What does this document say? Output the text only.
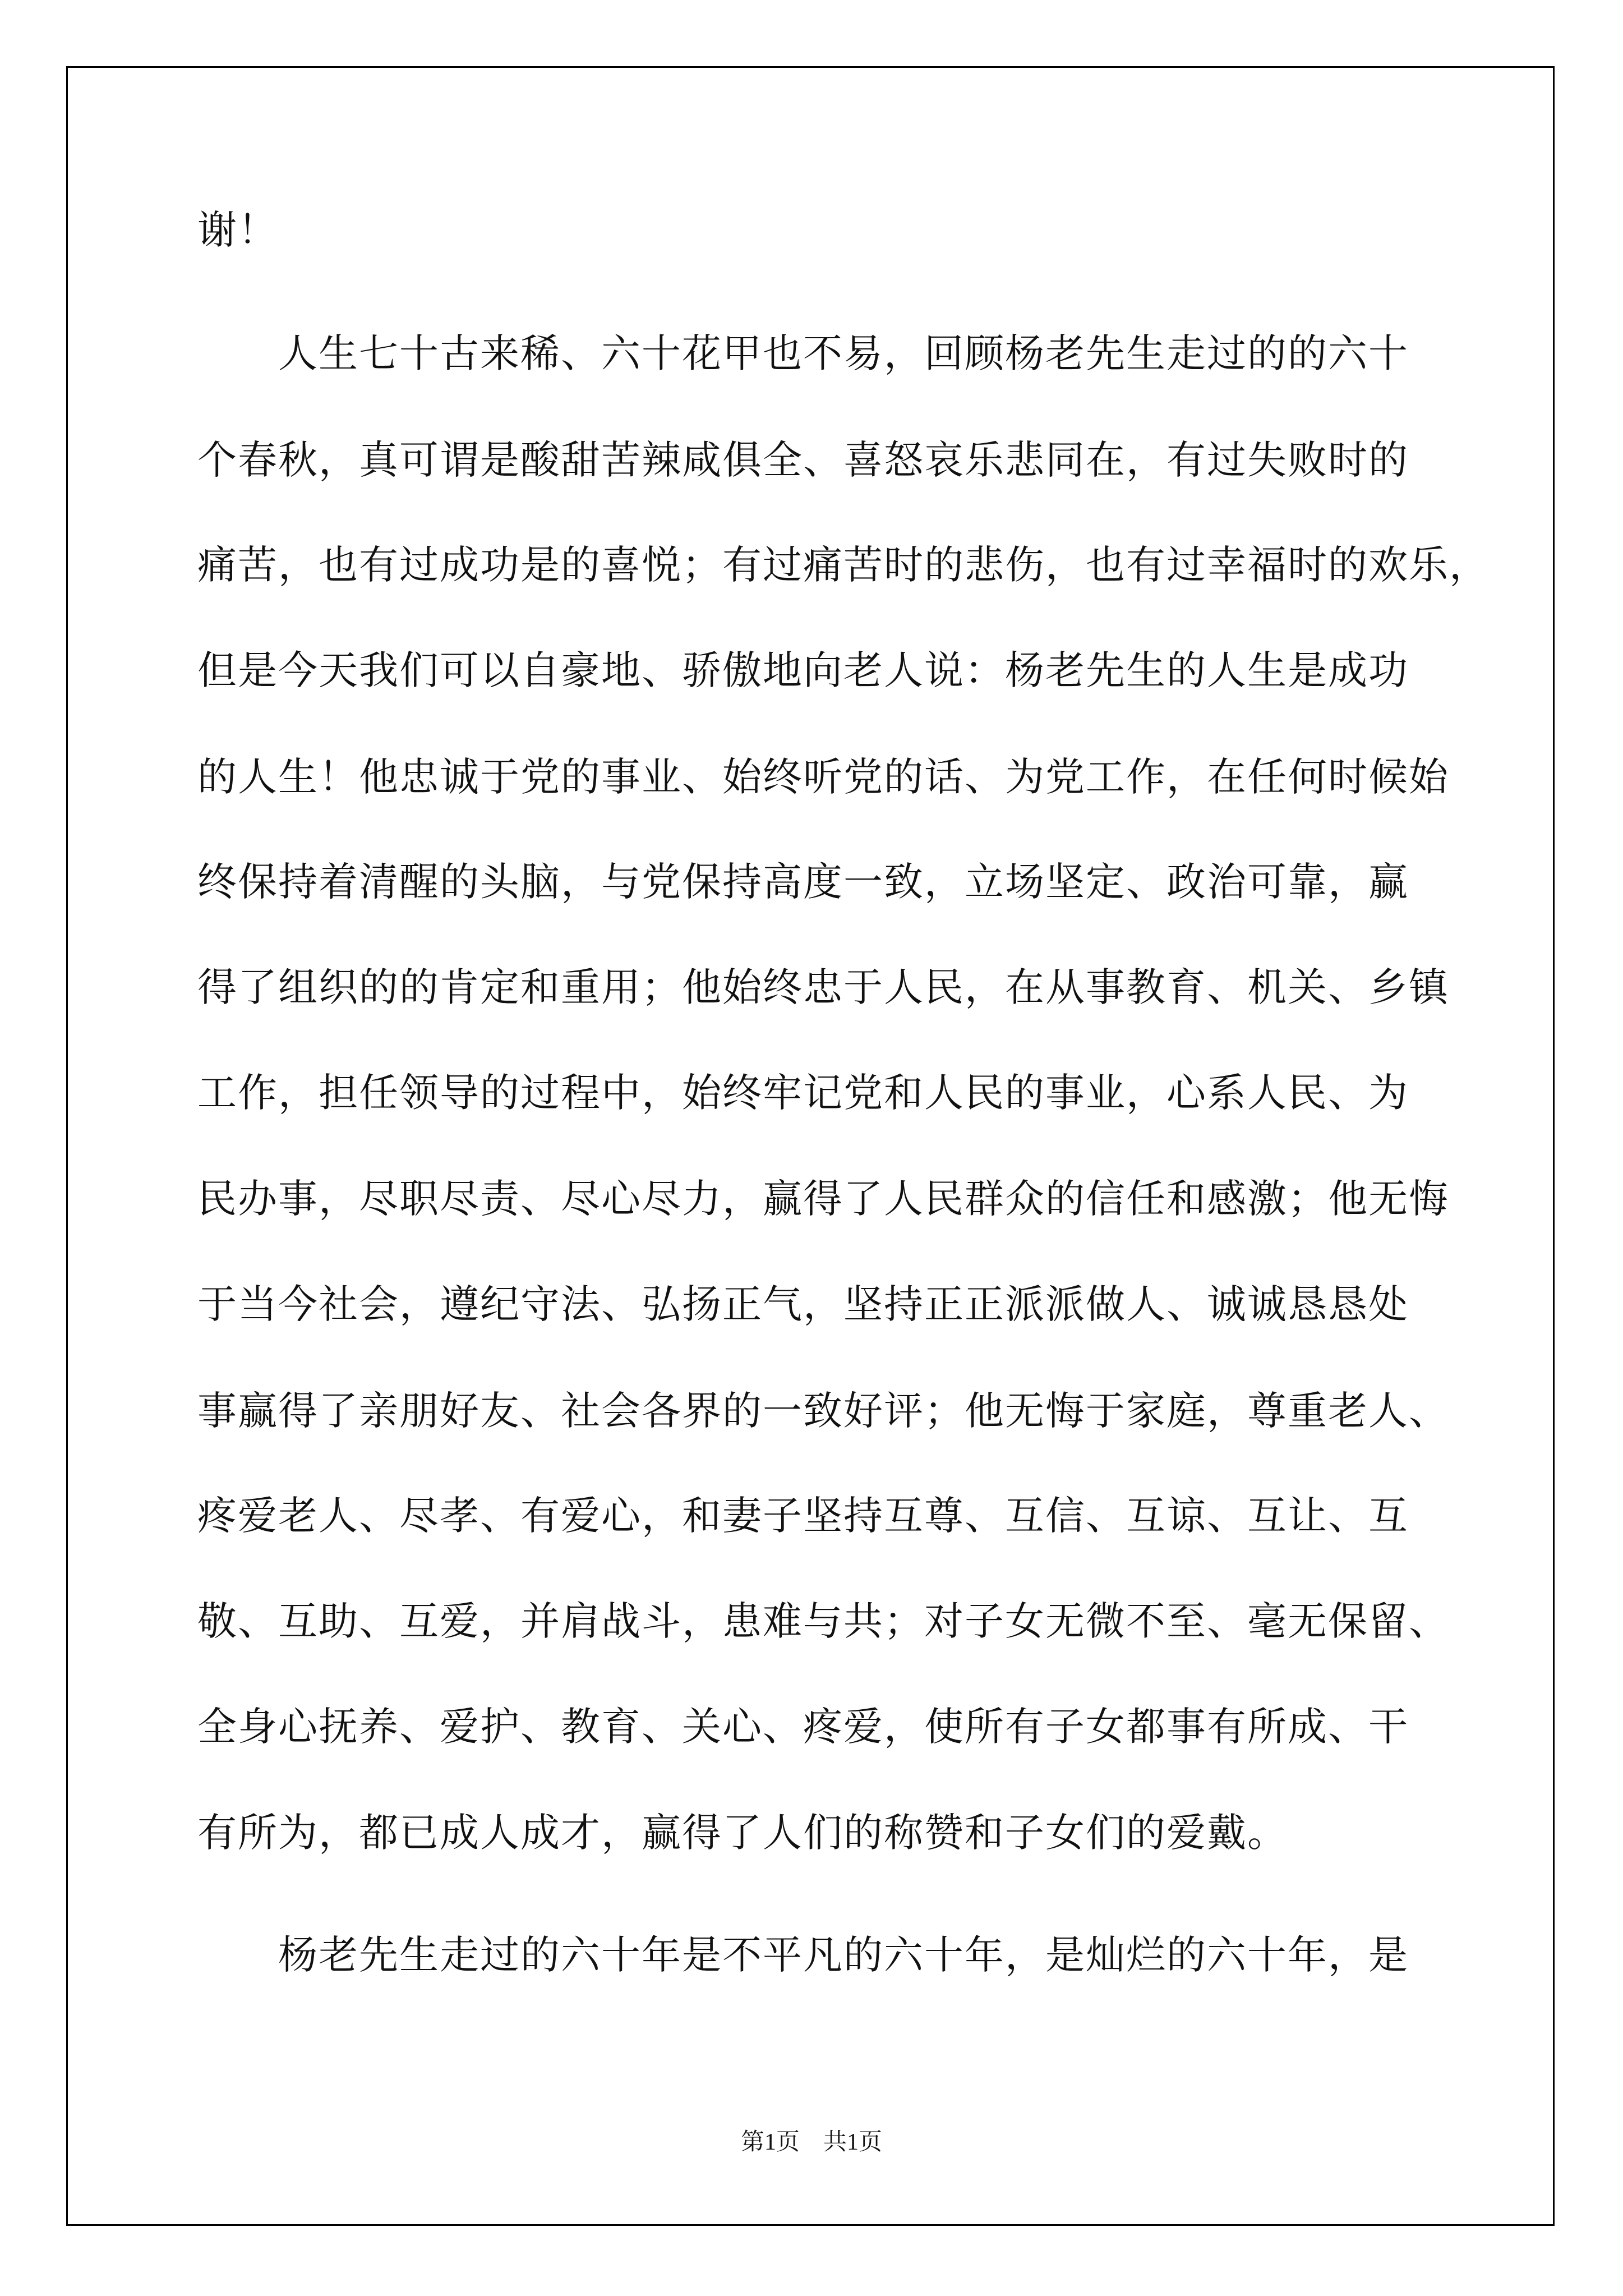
谢！
　　人生七十古来稀、六十花甲也不易，回顾杨老先生走过的的六十
个春秋，真可谓是酸甜苦辣咸俱全、喜怒哀乐悲同在，有过失败时的
痛苦，也有过成功是的喜悦；有过痛苦时的悲伤，也有过幸福时的欢乐，
但是今天我们可以自豪地、骄傲地向老人说：杨老先生的人生是成功
的人生！他忠诚于党的事业、始终听党的话、为党工作，在任何时候始
终保持着清醒的头脑，与党保持高度一致，立场坚定、政治可靠，赢
得了组织的的肯定和重用；他始终忠于人民，在从事教育、机关、乡镇
工作，担任领导的过程中，始终牢记党和人民的事业，心系人民、为
民办事，尽职尽责、尽心尽力，赢得了人民群众的信任和感激；他无悔
于当今社会，遵纪守法、弘扬正气，坚持正正派派做人、诚诚恳恳处
事赢得了亲朋好友、社会各界的一致好评；他无悔于家庭，尊重老人、
疼爱老人、尽孝、有爱心，和妻子坚持互尊、互信、互谅、互让、互
敬、互助、互爱，并肩战斗，患难与共；对子女无微不至、毫无保留、
全身心抚养、爱护、教育、关心、疼爱，使所有子女都事有所成、干
有所为，都已成人成才，赢得了人们的称赞和子女们的爱戴。
　　杨老先生走过的六十年是不平凡的六十年，是灿烂的六十年，是
第1页　共1页
